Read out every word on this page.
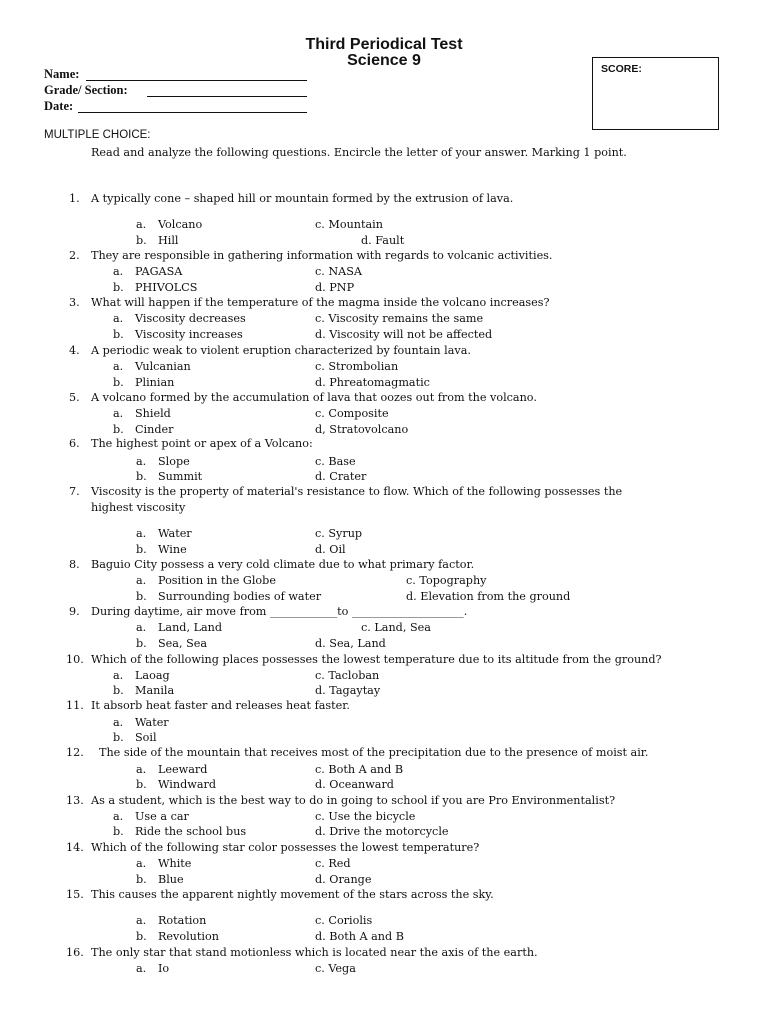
Third Periodical Test
Science 9
Name:
Grade/ Section:
Date:
SCORE:
MULTIPLE CHOICE:
Read and analyze the following questions. Encircle the letter of your answer. Marking 1 point.
1. A typically cone – shaped hill or mountain formed by the extrusion of lava.
a. Volcano
b. Hill
c. Mountain
d. Fault
2. They are responsible in gathering information with regards to volcanic activities.
a. PAGASA
b. PHIVOLCS
c. NASA
d. PNP
3. What will happen if the temperature of the magma inside the volcano increases?
a. Viscosity decreases
b. Viscosity increases
c. Viscosity remains the same
d. Viscosity will not be affected
4. A periodic weak to violent eruption characterized by fountain lava.
a. Vulcanian
b. Plinian
c. Strombolian
d. Phreatomagmatic
5. A volcano formed by the accumulation of lava that oozes out from the volcano.
a. Shield
b. Cinder
c. Composite
d, Stratovolcano
6. The highest point or apex of a Volcano:
a. Slope
b. Summit
c. Base
d. Crater
7. Viscosity is the property of material's resistance to flow. Which of the following possesses the
highest viscosity
a. Water
b. Wine
c. Syrup
d. Oil
8. Baguio City possess a very cold climate due to what primary factor.
a. Position in the Globe
b. Surrounding bodies of water
c. Topography
d. Elevation from the ground
9. During daytime, air move from ____________to ____________________.
a. Land, Land
b. Sea, Sea
c. Land, Sea
d. Sea, Land
10. Which of the following places possesses the lowest temperature due to its altitude from the ground?
a. Laoag
b. Manila
c. Tacloban
d. Tagaytay
11. It absorb heat faster and releases heat faster.
a. Water
b. Soil
12. The side of the mountain that receives most of the precipitation due to the presence of moist air.
a. Leeward
b. Windward
c. Both A and B
d. Oceanward
13. As a student, which is the best way to do in going to school if you are Pro Environmentalist?
a. Use a car
b. Ride the school bus
c. Use the bicycle
d. Drive the motorcycle
14. Which of the following star color possesses the lowest temperature?
a. White
b. Blue
c. Red
d. Orange
15. This causes the apparent nightly movement of the stars across the sky.
a. Rotation
b. Revolution
c. Coriolis
d. Both A and B
16. The only star that stand motionless which is located near the axis of the earth.
a. Io	c. Vega
